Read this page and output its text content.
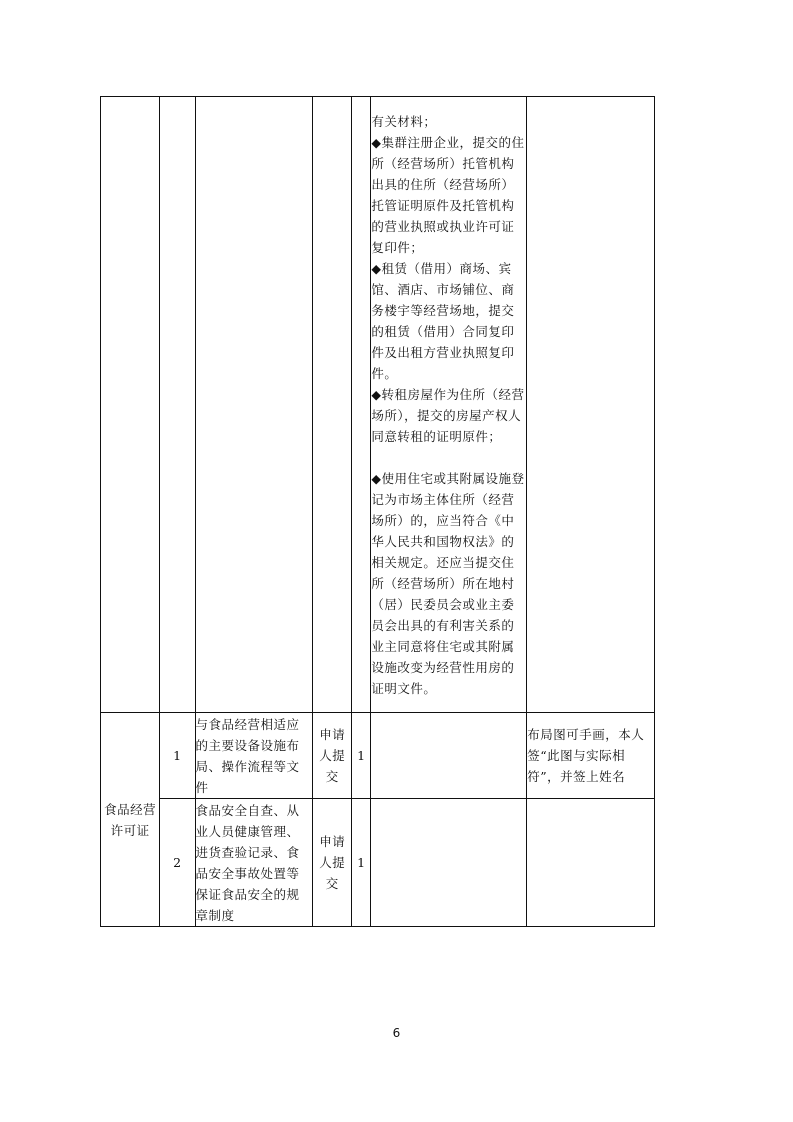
					有关材料；
◆集群注册企业，提交的住所（经营场所）托管机构出具的住所（经营场所）托管证明原件及托管机构的营业执照或执业许可证复印件；
◆租赁（借用）商场、宾馆、酒店、市场铺位、商务楼宇等经营场地，提交的租赁（借用）合同复印件及出租方营业执照复印件。
◆转租房屋作为住所（经营场所），提交的房屋产权人同意转租的证明原件；
◆使用住宅或其附属设施登记为市场主体住所（经营场所）的，应当符合《中华人民共和国物权法》的相关规定。还应当提交住所（经营场所）所在地村（居）民委员会或业主委员会出具的有利害关系的业主同意将住宅或其附属设施改变为经营性用房的证明文件。	

食品经营许可证	1	与食品经营相适应的主要设备设施布局、操作流程等文件	申请人提交	1		布局图可手画，本人签“此图与实际相符”，并签上姓名
	2	食品安全自查、从业人员健康管理、进货查验记录、食品安全事故处置等保证食品安全的规章制度	申请人提交	1		
6
